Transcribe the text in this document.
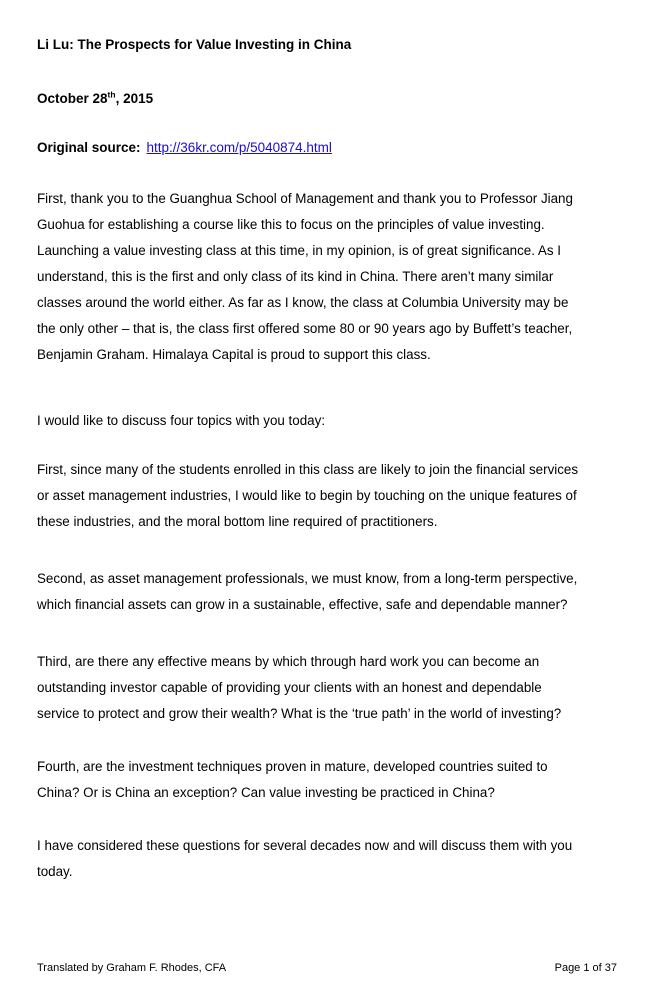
Li Lu: The Prospects for Value Investing in China
October 28th, 2015
Original source: http://36kr.com/p/5040874.html
First, thank you to the Guanghua School of Management and thank you to Professor Jiang
Guohua for establishing a course like this to focus on the principles of value investing.
Launching a value investing class at this time, in my opinion, is of great significance. As I
understand, this is the first and only class of its kind in China. There aren’t many similar
classes around the world either. As far as I know, the class at Columbia University may be
the only other – that is, the class first offered some 80 or 90 years ago by Buffett’s teacher,
Benjamin Graham. Himalaya Capital is proud to support this class.
I would like to discuss four topics with you today:
First, since many of the students enrolled in this class are likely to join the financial services
or asset management industries, I would like to begin by touching on the unique features of
these industries, and the moral bottom line required of practitioners.
Second, as asset management professionals, we must know, from a long-term perspective,
which financial assets can grow in a sustainable, effective, safe and dependable manner?
Third, are there any effective means by which through hard work you can become an
outstanding investor capable of providing your clients with an honest and dependable
service to protect and grow their wealth? What is the ‘true path’ in the world of investing?
Fourth, are the investment techniques proven in mature, developed countries suited to
China? Or is China an exception? Can value investing be practiced in China?
I have considered these questions for several decades now and will discuss them with you
today.
Translated by Graham F. Rhodes, CFA	Page 1 of 37
